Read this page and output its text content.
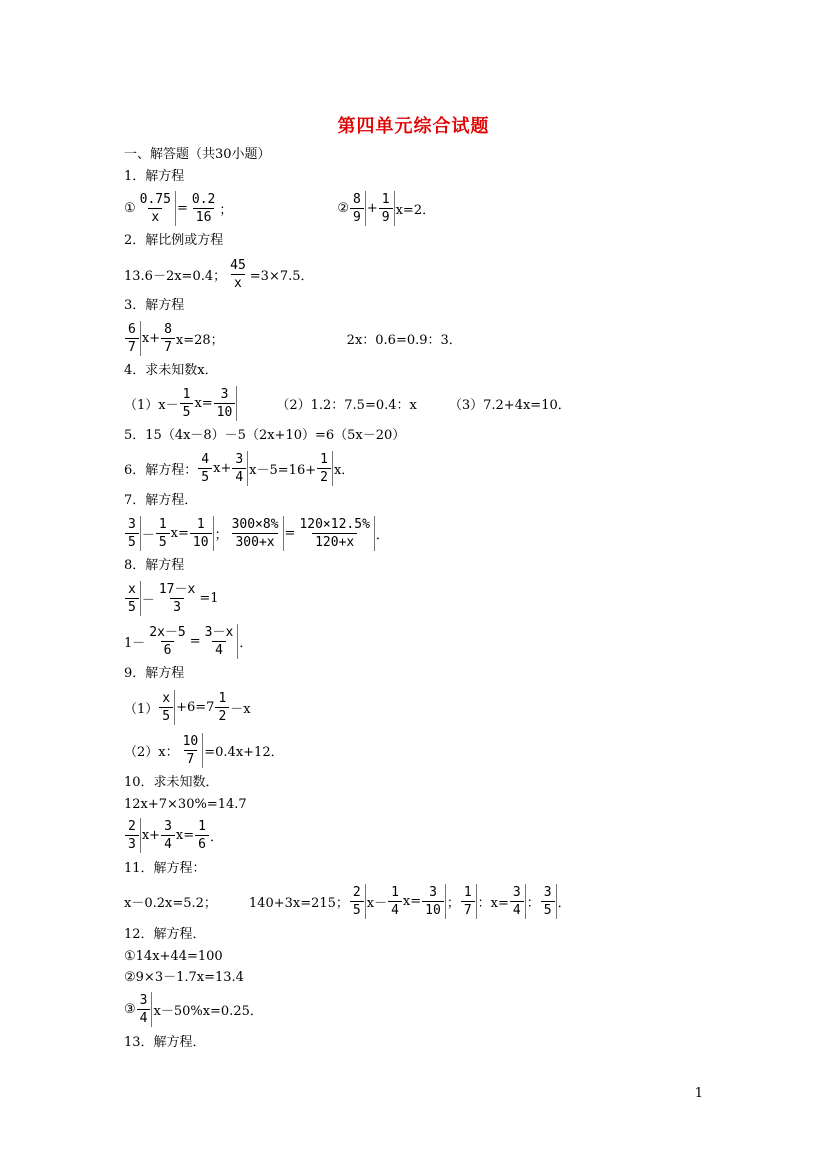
第四单元综合试题
一、解答题（共30小题）
1．解方程
① $\frac{0.75}{x} = \frac{0.2}{16}$ ；	② $\frac{8}{9} + \frac{1}{9} x=2$．
2．解比例或方程
13.6－2x=0.4； $\frac{45}{x} =3\times 7.5$．
3．解方程
$\frac{6}{7} x+ \frac{8}{7} x=28$；	2x：0.6=0.9：3．
4．求未知数x．
$(1)x- \frac{1}{5} x= \frac{3}{10}$	（2）1.2：7.5=0.4：x （3）7.2+4x=10．
5．15（4x－8）－5（2x+10）=6（5x－20）
6．解方程： $\frac{4}{5} x+ \frac{3}{4} x-5=16+ \frac{1}{2}$ x．
7．解方程．
$\frac{3}{5} - \frac{1}{5} x= \frac{1}{10}$ ； $\frac{300\times 8\%}{300+x} = \frac{120\times 12.5\%}{120+x}$ ．
8．解方程
$\frac{x}{5} - \frac{17-x}{3} =1$
$1- \frac{2x-5}{6} = \frac{3-x}{4}$ ．
9．解方程
$(1) \frac{x}{5} +6=7 \frac{1}{2} -x$
（2）x： $\frac{10}{7} =0.4x+12$．
10．求未知数．
12x+7×30%=14.7
$\frac{2}{3} x+ \frac{3}{4} x= \frac{1}{6}$ ．
11．解方程：
x－0.2x=5.2； 140+3x=215； $\frac{2}{5} x- \frac{1}{4} x= \frac{3}{10}$ ； $\frac{1}{7}$ ：$x= \frac{3}{4}$ ： $\frac{3}{5}$ ．
12．解方程．
①14x+44=100
②9×3－1.7x=13.4
③ $\frac{3}{4} x-50\%x=0.25$．
13．解方程．
1
